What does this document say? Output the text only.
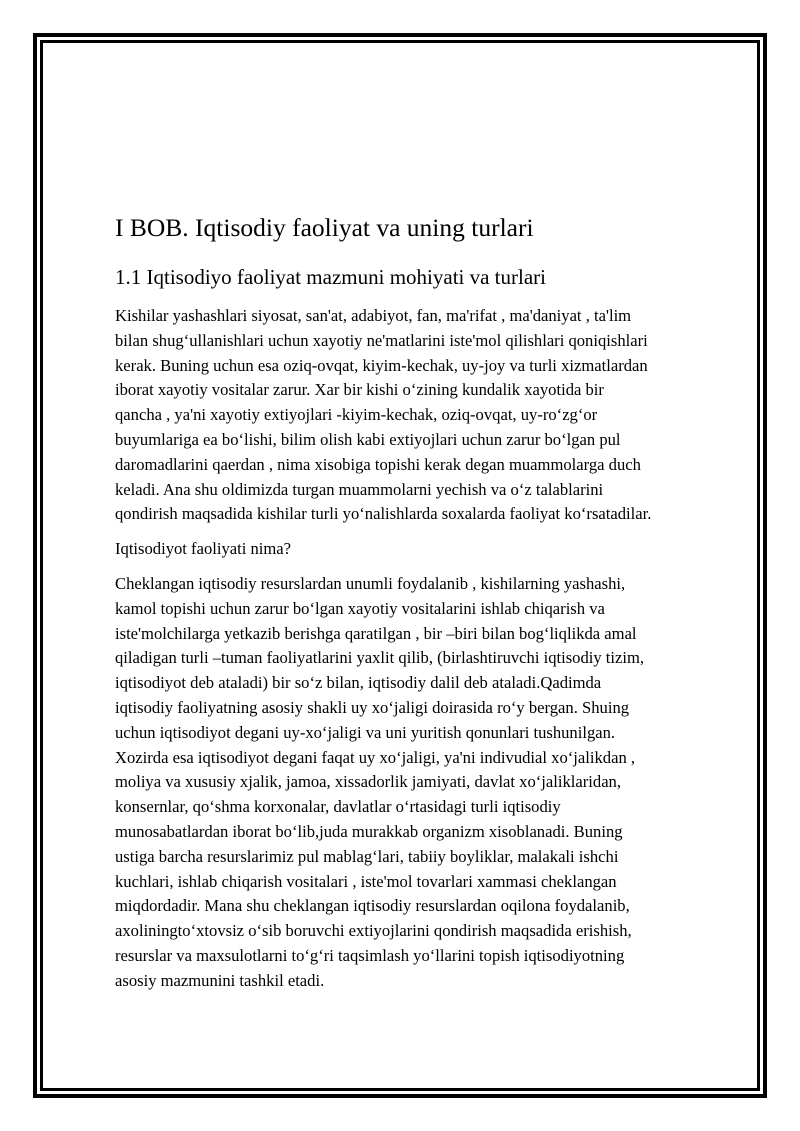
I BOB. Iqtisodiy faoliyat va uning turlari
1.1 Iqtisodiyo faoliyat mazmuni mohiyati va turlari

Kishilar yashashlari siyosat, san'at, adabiyot, fan, ma'rifat , ma'daniyat , ta'lim
bilan shug‘ullanishlari uchun xayotiy ne'matlarini iste'mol qilishlari qoniqishlari
kerak. Buning uchun esa oziq-ovqat, kiyim-kechak, uy-joy va turli xizmatlardan
iborat xayotiy vositalar zarur. Xar bir kishi o‘zining kundalik xayotida bir
qancha , ya'ni xayotiy extiyojlari -kiyim-kechak, oziq-ovqat, uy-ro‘zg‘or
buyumlariga ea bo‘lishi, bilim olish kabi extiyojlari uchun zarur bo‘lgan pul
daromadlarini qaerdan , nima xisobiga topishi kerak degan muammolarga duch
keladi. Ana shu oldimizda turgan muammolarni yechish va o‘z talablarini
qondirish maqsadida kishilar turli yo‘nalishlarda soxalarda faoliyat ko‘rsatadilar.

Iqtisodiyot faoliyati nima?

Cheklangan iqtisodiy resurslardan unumli foydalanib , kishilarning yashashi,
kamol topishi uchun zarur bo‘lgan xayotiy vositalarini ishlab chiqarish va
iste'molchilarga yetkazib berishga qaratilgan , bir –biri bilan bog‘liqlikda amal
qiladigan turli –tuman faoliyatlarini yaxlit qilib, (birlashtiruvchi iqtisodiy tizim,
iqtisodiyot deb ataladi) bir so‘z bilan, iqtisodiy dalil deb ataladi.Qadimda
iqtisodiy faoliyatning asosiy shakli uy xo‘jaligi doirasida ro‘y bergan. Shuing
uchun iqtisodiyot degani uy-xo‘jaligi va uni yuritish qonunlari tushunilgan.
Xozirda esa iqtisodiyot degani faqat uy xo‘jaligi, ya'ni indivudial xo‘jalikdan ,
moliya va xususiy xjalik, jamoa, xissadorlik jamiyati, davlat xo‘jaliklaridan,
konsernlar, qo‘shma korxonalar, davlatlar o‘rtasidagi turli iqtisodiy
munosabatlardan iborat bo‘lib,juda murakkab organizm xisoblanadi. Buning
ustiga barcha resurslarimiz pul mablag‘lari, tabiiy boyliklar, malakali ishchi
kuchlari, ishlab chiqarish vositalari , iste'mol tovarlari xammasi cheklangan
miqdordadir. Mana shu cheklangan iqtisodiy resurslardan oqilona foydalanib,
axoliningto‘xtovsiz o‘sib boruvchi extiyojlarini qondirish maqsadida erishish,
resurslar va maxsulotlarni to‘g‘ri taqsimlash yo‘llarini topish iqtisodiyotning
asosiy mazmunini tashkil etadi.
